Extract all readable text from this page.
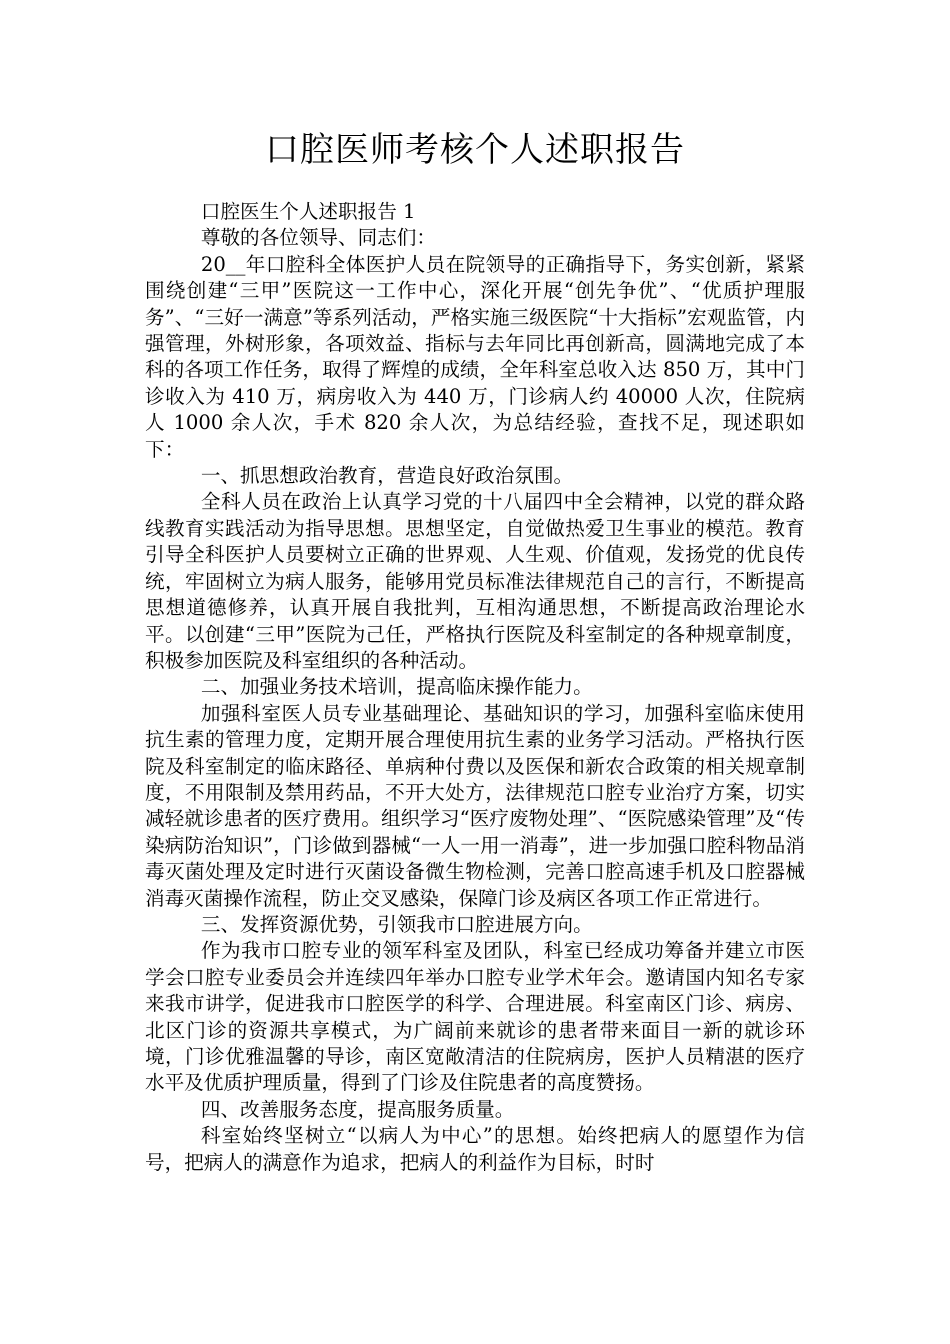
口腔医师考核个人述职报告

口腔医生个人述职报告 1

尊敬的各位领导、同志们：

20__年口腔科全体医护人员在院领导的正确指导下，务实创新，紧紧围绕创建“三甲”医院这一工作中心，深化开展“创先争优”、“优质护理服务”、“三好一满意”等系列活动，严格实施三级医院“十大指标”宏观监管，内强管理，外树形象，各项效益、指标与去年同比再创新高，圆满地完成了本科的各项工作任务，取得了辉煌的成绩，全年科室总收入达 850 万，其中门诊收入为 410 万，病房收入为 440 万，门诊病人约 40000 人次，住院病人 1000 余人次，手术 820 余人次，为总结经验，查找不足，现述职如下：

一、抓思想政治教育，营造良好政治氛围。

全科人员在政治上认真学习党的十八届四中全会精神，以党的群众路线教育实践活动为指导思想。思想坚定，自觉做热爱卫生事业的模范。教育引导全科医护人员要树立正确的世界观、人生观、价值观，发扬党的优良传统，牢固树立为病人服务，能够用党员标准法律规范自己的言行，不断提高思想道德修养，认真开展自我批判，互相沟通思想，不断提高政治理论水平。以创建“三甲”医院为己任，严格执行医院及科室制定的各种规章制度，积极参加医院及科室组织的各种活动。

二、加强业务技术培训，提高临床操作能力。

加强科室医人员专业基础理论、基础知识的学习，加强科室临床使用抗生素的管理力度，定期开展合理使用抗生素的业务学习活动。严格执行医院及科室制定的临床路径、单病种付费以及医保和新农合政策的相关规章制度，不用限制及禁用药品，不开大处方，法律规范口腔专业治疗方案，切实减轻就诊患者的医疗费用。组织学习“医疗废物处理”、“医院感染管理”及“传染病防治知识”，门诊做到器械“一人一用一消毒”，进一步加强口腔科物品消毒灭菌处理及定时进行灭菌设备微生物检测，完善口腔高速手机及口腔器械消毒灭菌操作流程，防止交叉感染，保障门诊及病区各项工作正常进行。

三、发挥资源优势，引领我市口腔进展方向。

作为我市口腔专业的领军科室及团队，科室已经成功筹备并建立市医学会口腔专业委员会并连续四年举办口腔专业学术年会。邀请国内知名专家来我市讲学，促进我市口腔医学的科学、合理进展。科室南区门诊、病房、北区门诊的资源共享模式，为广阔前来就诊的患者带来面目一新的就诊环境，门诊优雅温馨的导诊，南区宽敞清洁的住院病房，医护人员精湛的医疗水平及优质护理质量，得到了门诊及住院患者的高度赞扬。

四、改善服务态度，提高服务质量。

科室始终坚树立“以病人为中心”的思想。始终把病人的愿望作为信号，把病人的满意作为追求，把病人的利益作为目标，时时
